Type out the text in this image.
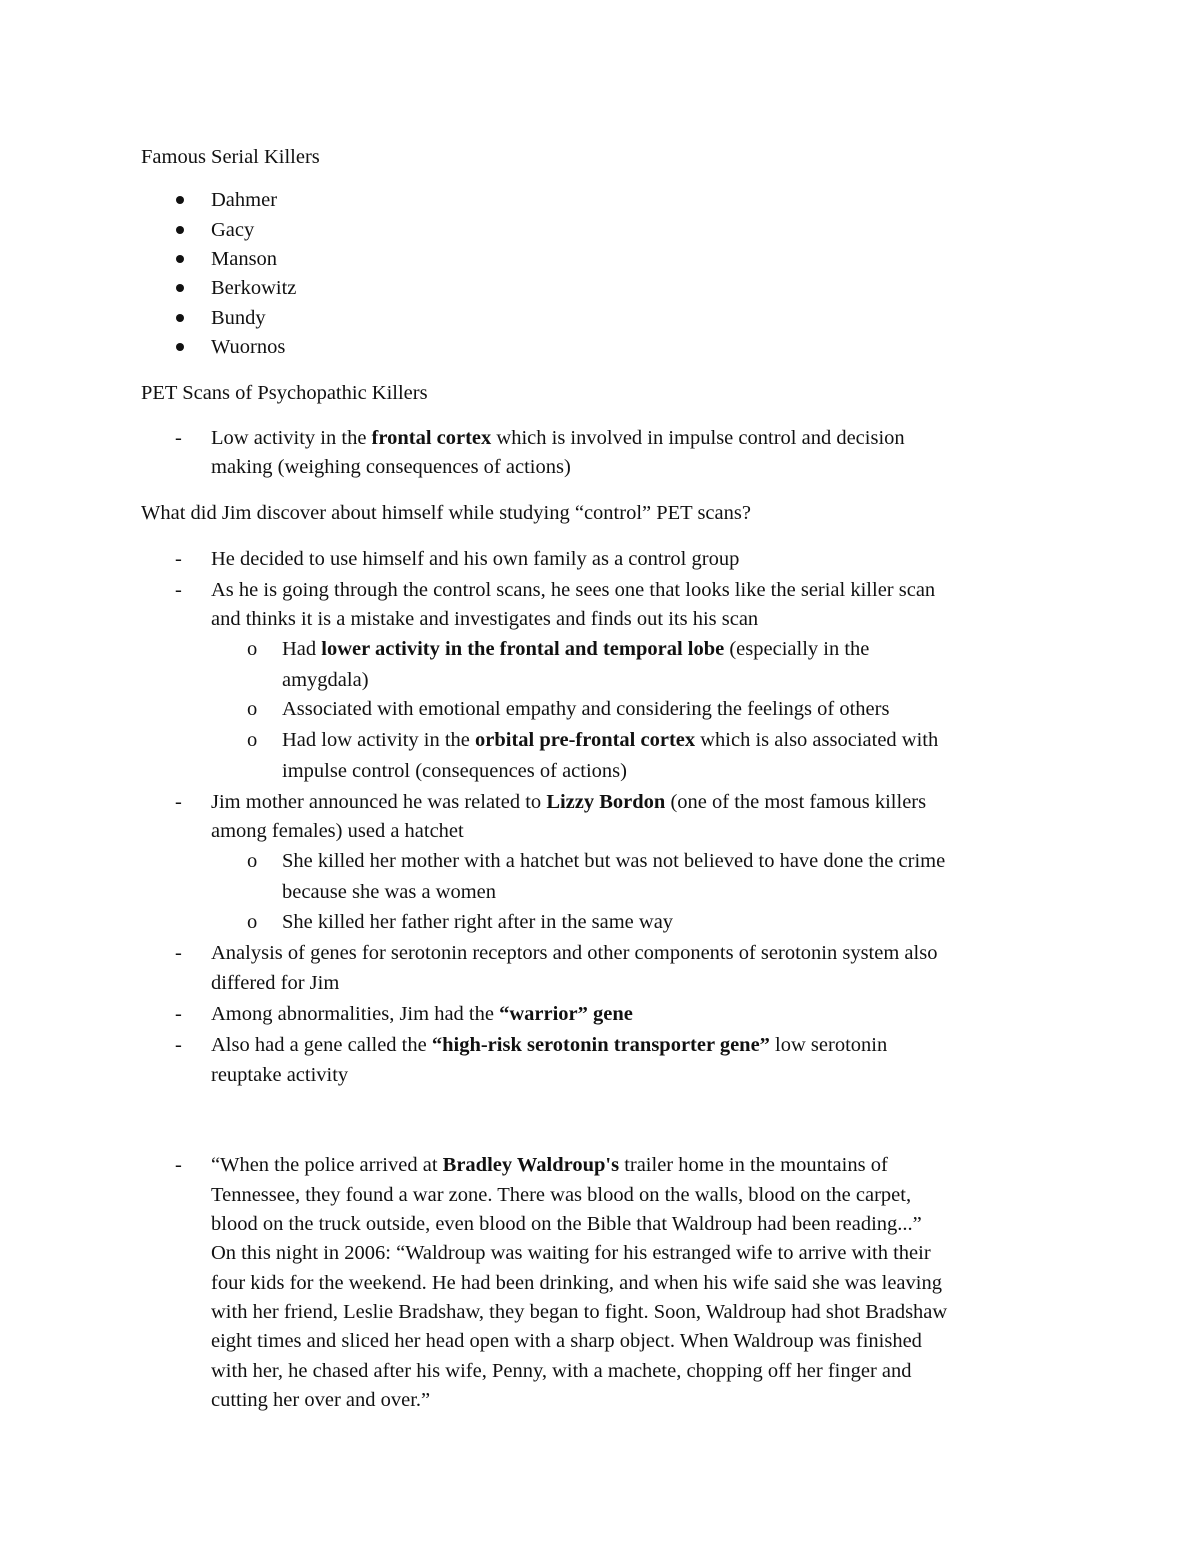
Famous Serial Killers
Dahmer
Gacy
Manson
Berkowitz
Bundy
Wuornos
PET Scans of Psychopathic Killers
- Low activity in the frontal cortex which is involved in impulse control and decision
making (weighing consequences of actions)
What did Jim discover about himself while studying “control” PET scans?
- He decided to use himself and his own family as a control group
- As he is going through the control scans, he sees one that looks like the serial killer scan
and thinks it is a mistake and investigates and finds out its his scan
o Had lower activity in the frontal and temporal lobe (especially in the
amygdala)
o Associated with emotional empathy and considering the feelings of others
o Had low activity in the orbital pre-frontal cortex which is also associated with
impulse control (consequences of actions)
- Jim mother announced he was related to Lizzy Bordon (one of the most famous killers
among females) used a hatchet
o She killed her mother with a hatchet but was not believed to have done the crime
because she was a women
o She killed her father right after in the same way
- Analysis of genes for serotonin receptors and other components of serotonin system also
differed for Jim
- Among abnormalities, Jim had the “warrior” gene
- Also had a gene called the “high-risk serotonin transporter gene” low serotonin
reuptake activity
- “When the police arrived at Bradley Waldroup's trailer home in the mountains of
Tennessee, they found a war zone. There was blood on the walls, blood on the carpet,
blood on the truck outside, even blood on the Bible that Waldroup had been reading...”
On this night in 2006: “Waldroup was waiting for his estranged wife to arrive with their
four kids for the weekend. He had been drinking, and when his wife said she was leaving
with her friend, Leslie Bradshaw, they began to fight. Soon, Waldroup had shot Bradshaw
eight times and sliced her head open with a sharp object. When Waldroup was finished
with her, he chased after his wife, Penny, with a machete, chopping off her finger and
cutting her over and over.”
